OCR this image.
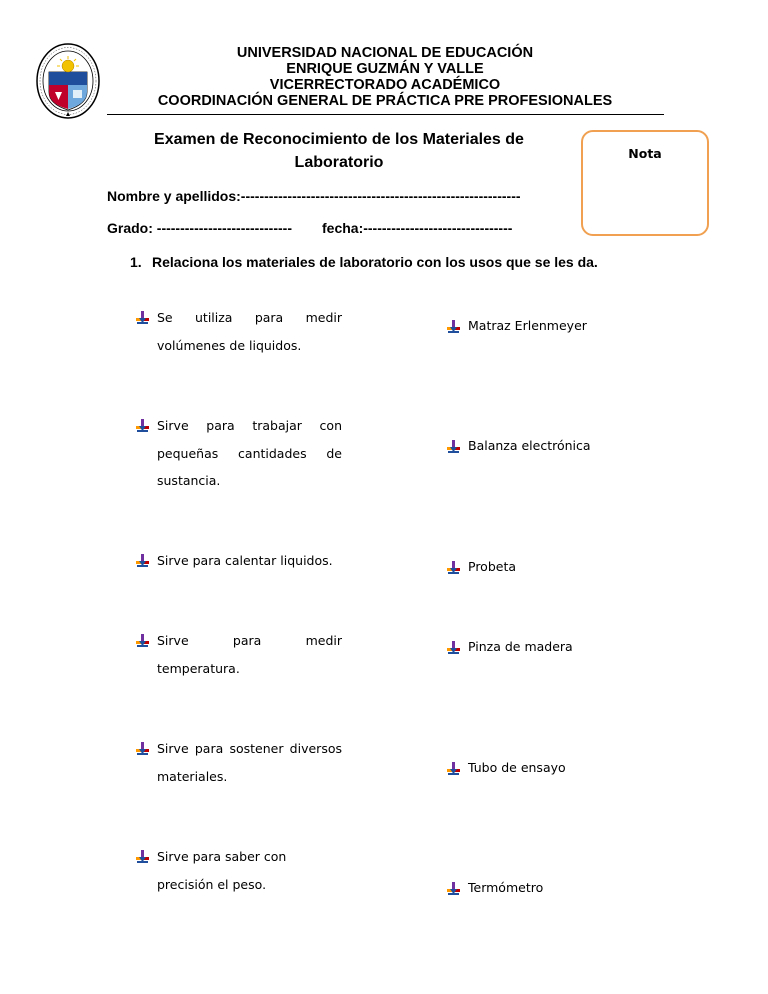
UNIVERSIDAD NACIONAL DE EDUCACIÓN
ENRIQUE GUZMÁN Y VALLE
VICERRECTORADO ACADÉMICO
COORDINACIÓN GENERAL DE PRÁCTICA PRE PROFESIONALES
Examen de Reconocimiento de los Materiales de
Laboratorio
Nota
Nombre y apellidos:------------------------------------------------------------
Grado: ----------------------------- fecha:--------------------------------
1. Relaciona los materiales de laboratorio con los usos que se les da.
Se utiliza para medir volúmenes de liquidos.
Sirve para trabajar con pequeñas cantidades de sustancia.
Sirve para calentar liquidos.
Sirve para medir temperatura.
Sirve para sostener diversos materiales.
Sirve para saber con precisión el peso.
Matraz Erlenmeyer
Balanza electrónica
Probeta
Pinza de madera
Tubo de ensayo
Termómetro
